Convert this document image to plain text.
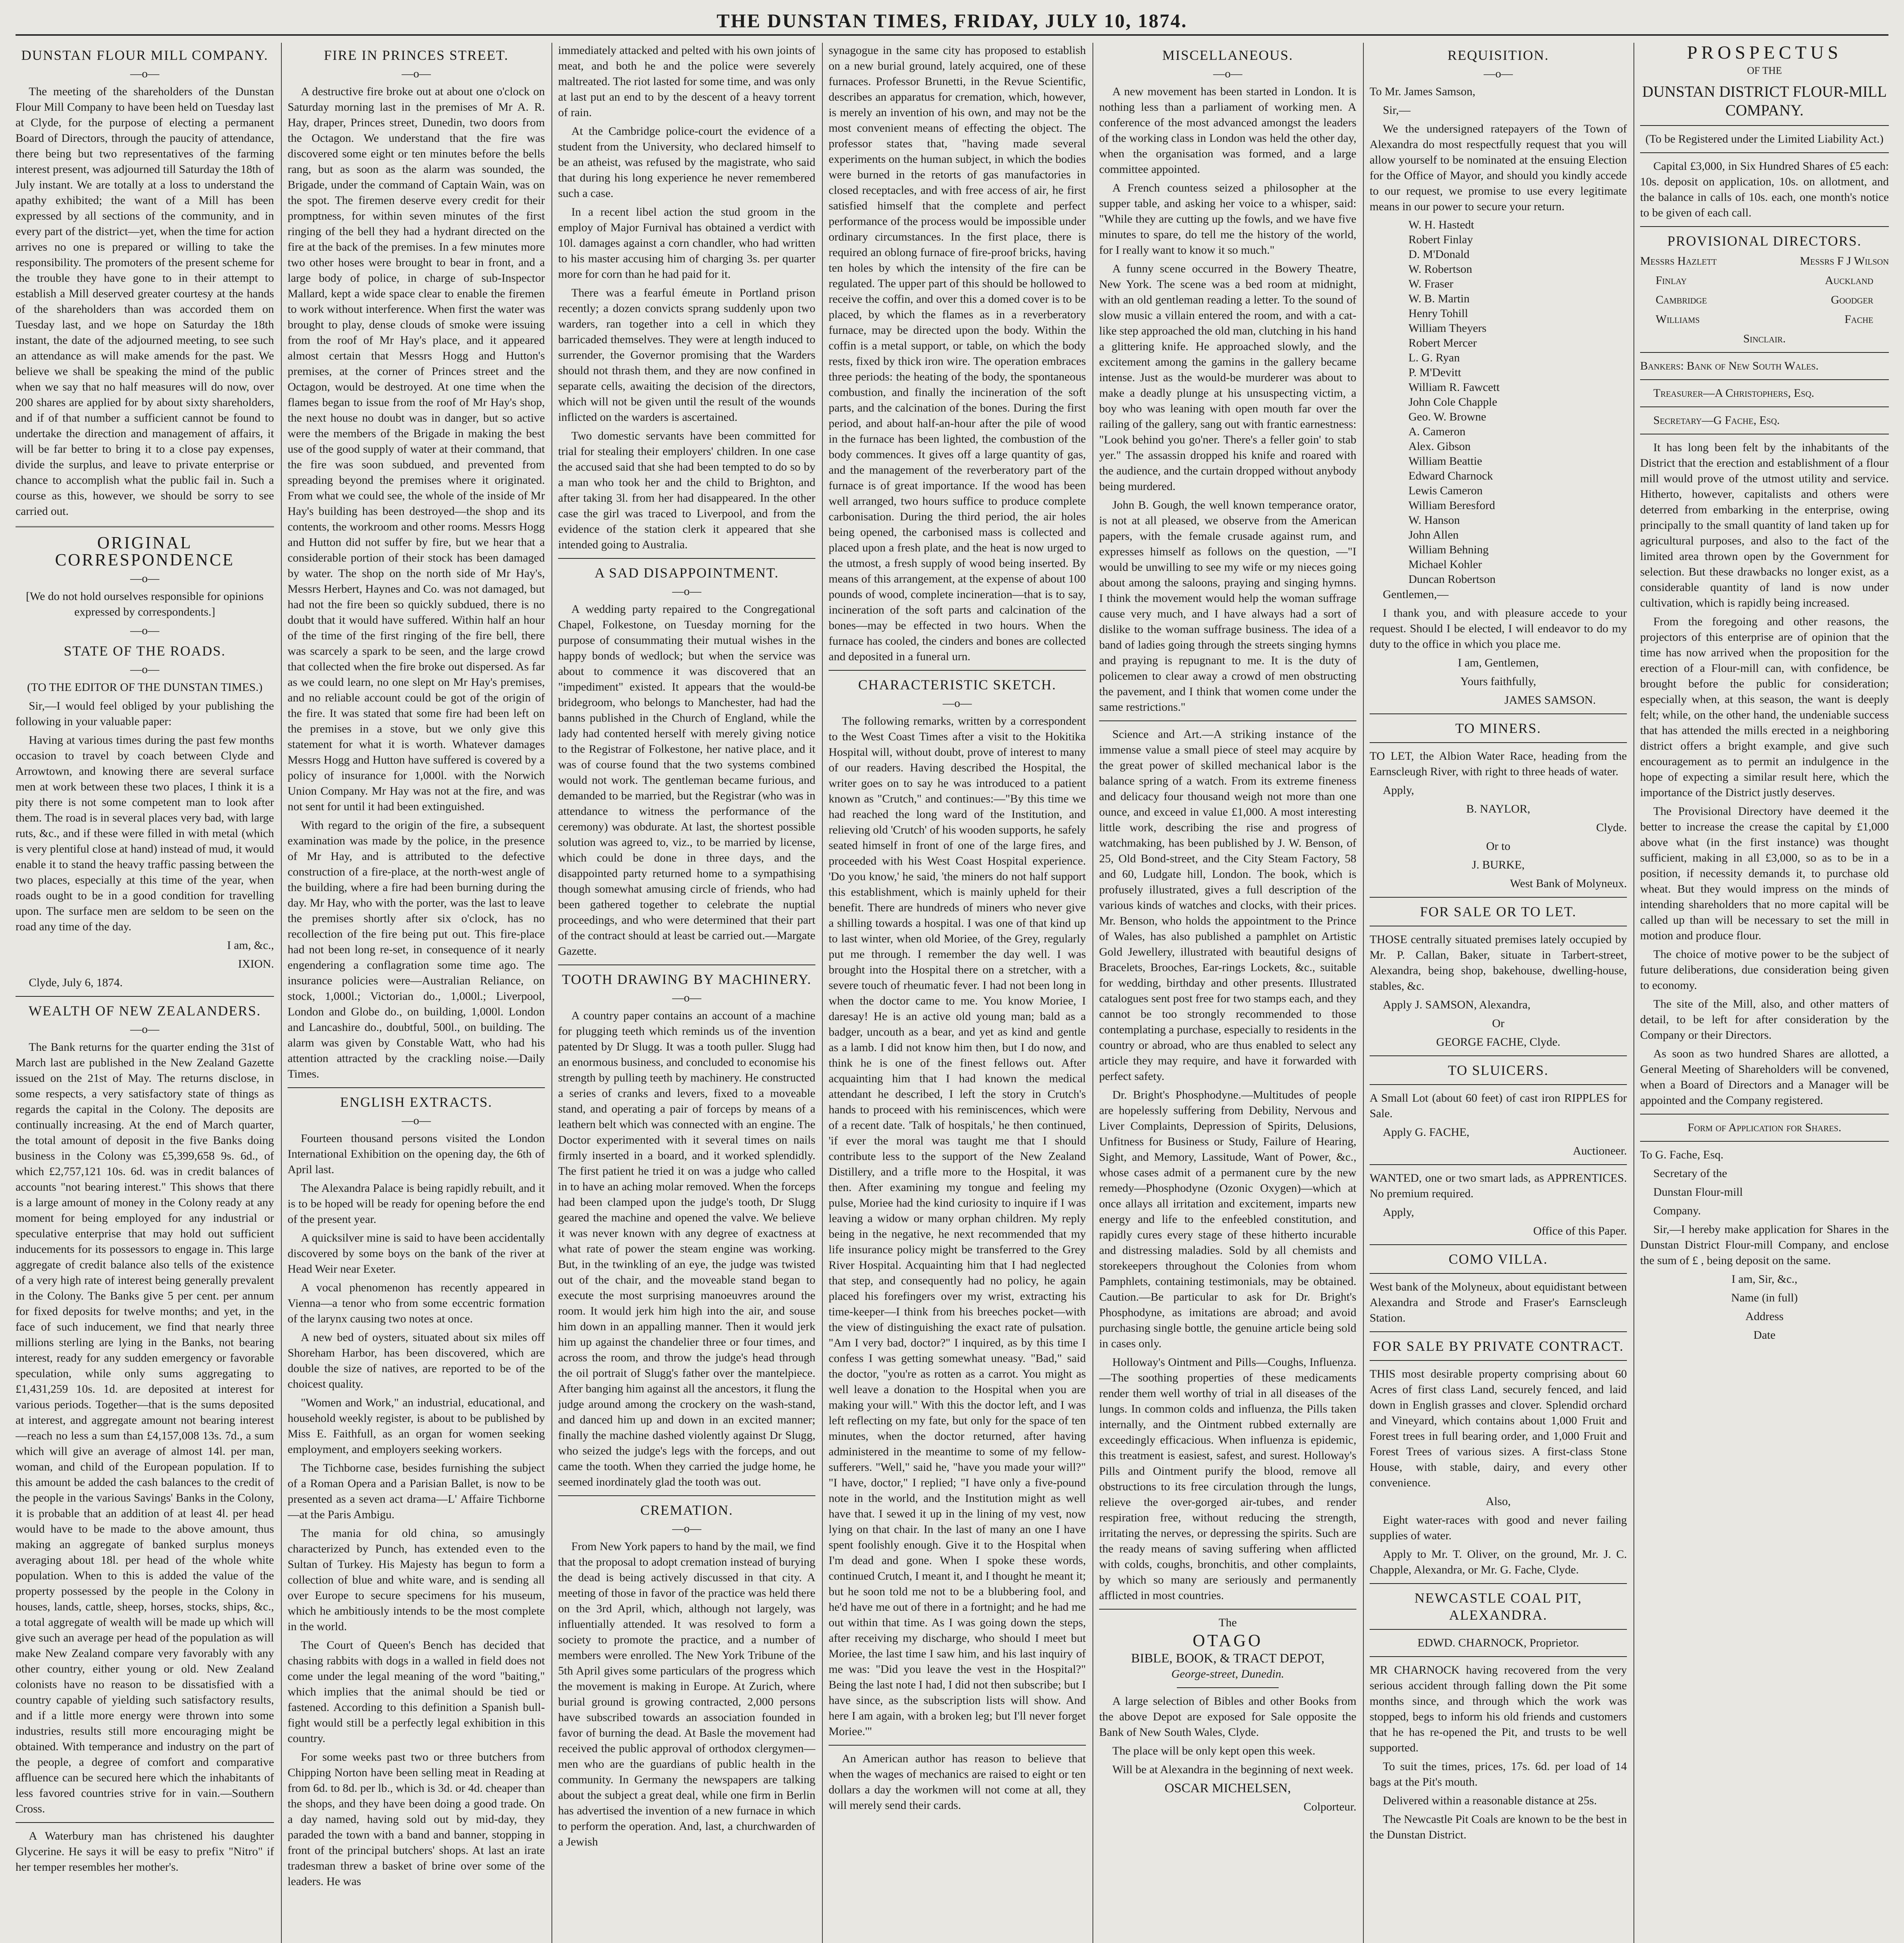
THE DUNSTAN TIMES, FRIDAY, JULY 10, 1874.
DUNSTAN FLOUR MILL COMPANY.
—o—

The meeting of the shareholders of the Dunstan Flour Mill Company to have been held on Tuesday last at Clyde, for the purpose of electing a permanent Board of Directors, through the paucity of attendance, there being but two representatives of the farming interest present, was adjourned till Saturday the 18th of July instant. We are totally at a loss to understand the apathy exhibited; the want of a Mill has been expressed by all sections of the community, and in every part of the district—yet, when the time for action arrives no one is prepared or willing to take the responsibility. The promoters of the present scheme for the trouble they have gone to in their attempt to establish a Mill deserved greater courtesy at the hands of the shareholders than was accorded them on Tuesday last, and we hope on Saturday the 18th instant, the date of the adjourned meeting, to see such an attendance as will make amends for the past. We believe we shall be speaking the mind of the public when we say that no half measures will do now, over 200 shares are applied for by about sixty shareholders, and if of that number a sufficient cannot be found to undertake the direction and management of affairs, it will be far better to bring it to a close pay expenses, divide the surplus, and leave to private enterprise or chance to accomplish what the public fail in. Such a course as this, however, we should be sorry to see carried out.

ORIGINAL CORRESPONDENCE
—o—

[We do not hold ourselves responsible for opinions expressed by correspondents.]

—o—
STATE OF THE ROADS.
—o—

(TO THE EDITOR OF THE DUNSTAN TIMES.)

Sir,—I would feel obliged by your publishing the following in your valuable paper:

Having at various times during the past few months occasion to travel by coach between Clyde and Arrowtown, and knowing there are several surface men at work between these two places, I think it is a pity there is not some competent man to look after them. The road is in several places very bad, with large ruts, &c., and if these were filled in with metal (which is very plentiful close at hand) instead of mud, it would enable it to stand the heavy traffic passing between the two places, especially at this time of the year, when roads ought to be in a good condition for travelling upon. The surface men are seldom to be seen on the road any time of the day.

I am, &c.,

IXION.

Clyde, July 6, 1874.

WEALTH OF NEW ZEALANDERS.
—o—

The Bank returns for the quarter ending the 31st of March last are published in the New Zealand Gazette issued on the 21st of May. The returns disclose, in some respects, a very satisfactory state of things as regards the capital in the Colony. The deposits are continually increasing. At the end of March quarter, the total amount of deposit in the five Banks doing business in the Colony was £5,399,658 9s. 6d., of which £2,757,121 10s. 6d. was in credit balances of accounts "not bearing interest." This shows that there is a large amount of money in the Colony ready at any moment for being employed for any industrial or speculative enterprise that may hold out sufficient inducements for its possessors to engage in. This large aggregate of credit balance also tells of the existence of a very high rate of interest being generally prevalent in the Colony. The Banks give 5 per cent. per annum for fixed deposits for twelve months; and yet, in the face of such inducement, we find that nearly three millions sterling are lying in the Banks, not bearing interest, ready for any sudden emergency or favorable speculation, while only sums aggregating to £1,431,259 10s. 1d. are deposited at interest for various periods. Together—that is the sums deposited at interest, and aggregate amount not bearing interest—reach no less a sum than £4,157,008 13s. 7d., a sum which will give an average of almost 14l. per man, woman, and child of the European population. If to this amount be added the cash balances to the credit of the people in the various Savings' Banks in the Colony, it is probable that an addition of at least 4l. per head would have to be made to the above amount, thus making an aggregate of banked surplus moneys averaging about 18l. per head of the whole white population. When to this is added the value of the property possessed by the people in the Colony in houses, lands, cattle, sheep, horses, stocks, ships, &c., a total aggregate of wealth will be made up which will give such an average per head of the population as will make New Zealand compare very favorably with any other country, either young or old. New Zealand colonists have no reason to be dissatisfied with a country capable of yielding such satisfactory results, and if a little more energy were thrown into some industries, results still more encouraging might be obtained. With temperance and industry on the part of the people, a degree of comfort and comparative affluence can be secured here which the inhabitants of less favored countries strive for in vain.—Southern Cross.

A Waterbury man has christened his daughter Glycerine. He says it will be easy to prefix "Nitro" if her temper resembles her mother's.

FIRE IN PRINCES STREET.
—o—

A destructive fire broke out at about one o'clock on Saturday morning last in the premises of Mr A. R. Hay, draper, Princes street, Dunedin, two doors from the Octagon. We understand that the fire was discovered some eight or ten minutes before the bells rang, but as soon as the alarm was sounded, the Brigade, under the command of Captain Wain, was on the spot. The firemen deserve every credit for their promptness, for within seven minutes of the first ringing of the bell they had a hydrant directed on the fire at the back of the premises. In a few minutes more two other hoses were brought to bear in front, and a large body of police, in charge of sub-Inspector Mallard, kept a wide space clear to enable the firemen to work without interference. When first the water was brought to play, dense clouds of smoke were issuing from the roof of Mr Hay's place, and it appeared almost certain that Messrs Hogg and Hutton's premises, at the corner of Princes street and the Octagon, would be destroyed. At one time when the flames began to issue from the roof of Mr Hay's shop, the next house no doubt was in danger, but so active were the members of the Brigade in making the best use of the good supply of water at their command, that the fire was soon subdued, and prevented from spreading beyond the premises where it originated. From what we could see, the whole of the inside of Mr Hay's building has been destroyed—the shop and its contents, the workroom and other rooms. Messrs Hogg and Hutton did not suffer by fire, but we hear that a considerable portion of their stock has been damaged by water. The shop on the north side of Mr Hay's, Messrs Herbert, Haynes and Co. was not damaged, but had not the fire been so quickly subdued, there is no doubt that it would have suffered. Within half an hour of the time of the first ringing of the fire bell, there was scarcely a spark to be seen, and the large crowd that collected when the fire broke out dispersed. As far as we could learn, no one slept on Mr Hay's premises, and no reliable account could be got of the origin of the fire. It was stated that some fire had been left on the premises in a stove, but we only give this statement for what it is worth. Whatever damages Messrs Hogg and Hutton have suffered is covered by a policy of insurance for 1,000l. with the Norwich Union Company. Mr Hay was not at the fire, and was not sent for until it had been extinguished.

With regard to the origin of the fire, a subsequent examination was made by the police, in the presence of Mr Hay, and is attributed to the defective construction of a fire-place, at the north-west angle of the building, where a fire had been burning during the day. Mr Hay, who with the porter, was the last to leave the premises shortly after six o'clock, has no recollection of the fire being put out. This fire-place had not been long re-set, in consequence of it nearly engendering a conflagration some time ago. The insurance policies were—Australian Reliance, on stock, 1,000l.; Victorian do., 1,000l.; Liverpool, London and Globe do., on building, 1,000l. London and Lancashire do., doubtful, 500l., on building. The alarm was given by Constable Watt, who had his attention attracted by the crackling noise.—Daily Times.

ENGLISH EXTRACTS.
—o—

Fourteen thousand persons visited the London International Exhibition on the opening day, the 6th of April last.

The Alexandra Palace is being rapidly rebuilt, and it is to be hoped will be ready for opening before the end of the present year.

A quicksilver mine is said to have been accidentally discovered by some boys on the bank of the river at Head Weir near Exeter.

A vocal phenomenon has recently appeared in Vienna—a tenor who from some eccentric formation of the larynx causing two notes at once.

A new bed of oysters, situated about six miles off Shoreham Harbor, has been discovered, which are double the size of natives, are reported to be of the choicest quality.

"Women and Work," an industrial, educational, and household weekly register, is about to be published by Miss E. Faithfull, as an organ for women seeking employment, and employers seeking workers.

The Tichborne case, besides furnishing the subject of a Roman Opera and a Parisian Ballet, is now to be presented as a seven act drama—L' Affaire Tichborne—at the Paris Ambigu.

The mania for old china, so amusingly characterized by Punch, has extended even to the Sultan of Turkey. His Majesty has begun to form a collection of blue and white ware, and is sending all over Europe to secure specimens for his museum, which he ambitiously intends to be the most complete in the world.

The Court of Queen's Bench has decided that chasing rabbits with dogs in a walled in field does not come under the legal meaning of the word "baiting," which implies that the animal should be tied or fastened. According to this definition a Spanish bull-fight would still be a perfectly legal exhibition in this country.

For some weeks past two or three butchers from Chipping Norton have been selling meat in Reading at from 6d. to 8d. per lb., which is 3d. or 4d. cheaper than the shops, and they have been doing a good trade. On a day named, having sold out by mid-day, they paraded the town with a band and banner, stopping in front of the principal butchers' shops. At last an irate tradesman threw a basket of brine over some of the leaders. He was

immediately attacked and pelted with his own joints of meat, and both he and the police were severely maltreated. The riot lasted for some time, and was only at last put an end to by the descent of a heavy torrent of rain.

At the Cambridge police-court the evidence of a student from the University, who declared himself to be an atheist, was refused by the magistrate, who said that during his long experience he never remembered such a case.

In a recent libel action the stud groom in the employ of Major Furnival has obtained a verdict with 10l. damages against a corn chandler, who had written to his master accusing him of charging 3s. per quarter more for corn than he had paid for it.

There was a fearful émeute in Portland prison recently; a dozen convicts sprang suddenly upon two warders, ran together into a cell in which they barricaded themselves. They were at length induced to surrender, the Governor promising that the Warders should not thrash them, and they are now confined in separate cells, awaiting the decision of the directors, which will not be given until the result of the wounds inflicted on the warders is ascertained.

Two domestic servants have been committed for trial for stealing their employers' children. In one case the accused said that she had been tempted to do so by a man who took her and the child to Brighton, and after taking 3l. from her had disappeared. In the other case the girl was traced to Liverpool, and from the evidence of the station clerk it appeared that she intended going to Australia.

A SAD DISAPPOINTMENT.
—o—

A wedding party repaired to the Congregational Chapel, Folkestone, on Tuesday morning for the purpose of consummating their mutual wishes in the happy bonds of wedlock; but when the service was about to commence it was discovered that an "impediment" existed. It appears that the would-be bridegroom, who belongs to Manchester, had had the banns published in the Church of England, while the lady had contented herself with merely giving notice to the Registrar of Folkestone, her native place, and it was of course found that the two systems combined would not work. The gentleman became furious, and demanded to be married, but the Registrar (who was in attendance to witness the performance of the ceremony) was obdurate. At last, the shortest possible solution was agreed to, viz., to be married by license, which could be done in three days, and the disappointed party returned home to a sympathising though somewhat amusing circle of friends, who had been gathered together to celebrate the nuptial proceedings, and who were determined that their part of the contract should at least be carried out.—Margate Gazette.

TOOTH DRAWING BY MACHINERY.
—o—

A country paper contains an account of a machine for plugging teeth which reminds us of the invention patented by Dr Slugg. It was a tooth puller. Slugg had an enormous business, and concluded to economise his strength by pulling teeth by machinery. He constructed a series of cranks and levers, fixed to a moveable stand, and operating a pair of forceps by means of a leathern belt which was connected with an engine. The Doctor experimented with it several times on nails firmly inserted in a board, and it worked splendidly. The first patient he tried it on was a judge who called in to have an aching molar removed. When the forceps had been clamped upon the judge's tooth, Dr Slugg geared the machine and opened the valve. We believe it was never known with any degree of exactness at what rate of power the steam engine was working. But, in the twinkling of an eye, the judge was twisted out of the chair, and the moveable stand began to execute the most surprising manoeuvres around the room. It would jerk him high into the air, and souse him down in an appalling manner. Then it would jerk him up against the chandelier three or four times, and across the room, and throw the judge's head through the oil portrait of Slugg's father over the mantelpiece. After banging him against all the ancestors, it flung the judge around among the crockery on the wash-stand, and danced him up and down in an excited manner; finally the machine dashed violently against Dr Slugg, who seized the judge's legs with the forceps, and out came the tooth. When they carried the judge home, he seemed inordinately glad the tooth was out.

CREMATION.
—o—

From New York papers to hand by the mail, we find that the proposal to adopt cremation instead of burying the dead is being actively discussed in that city. A meeting of those in favor of the practice was held there on the 3rd April, which, although not largely, was influentially attended. It was resolved to form a society to promote the practice, and a number of members were enrolled. The New York Tribune of the 5th April gives some particulars of the progress which the movement is making in Europe. At Zurich, where burial ground is growing contracted, 2,000 persons have subscribed towards an association founded in favor of burning the dead. At Basle the movement had received the public approval of orthodox clergymen—men who are the guardians of public health in the community. In Germany the newspapers are talking about the subject a great deal, while one firm in Berlin has advertised the invention of a new furnace in which to perform the operation. And, last, a churchwarden of a Jewish

synagogue in the same city has proposed to establish on a new burial ground, lately acquired, one of these furnaces. Professor Brunetti, in the Revue Scientific, describes an apparatus for cremation, which, however, is merely an invention of his own, and may not be the most convenient means of effecting the object. The professor states that, "having made several experiments on the human subject, in which the bodies were burned in the retorts of gas manufactories in closed receptacles, and with free access of air, he first satisfied himself that the complete and perfect performance of the process would be impossible under ordinary circumstances. In the first place, there is required an oblong furnace of fire-proof bricks, having ten holes by which the intensity of the fire can be regulated. The upper part of this should be hollowed to receive the coffin, and over this a domed cover is to be placed, by which the flames as in a reverberatory furnace, may be directed upon the body. Within the coffin is a metal support, or table, on which the body rests, fixed by thick iron wire. The operation embraces three periods: the heating of the body, the spontaneous combustion, and finally the incineration of the soft parts, and the calcination of the bones. During the first period, and about half-an-hour after the pile of wood in the furnace has been lighted, the combustion of the body commences. It gives off a large quantity of gas, and the management of the reverberatory part of the furnace is of great importance. If the wood has been well arranged, two hours suffice to produce complete carbonisation. During the third period, the air holes being opened, the carbonised mass is collected and placed upon a fresh plate, and the heat is now urged to the utmost, a fresh supply of wood being inserted. By means of this arrangement, at the expense of about 100 pounds of wood, complete incineration—that is to say, incineration of the soft parts and calcination of the bones—may be effected in two hours. When the furnace has cooled, the cinders and bones are collected and deposited in a funeral urn.

CHARACTERISTIC SKETCH.
—o—

The following remarks, written by a correspondent to the West Coast Times after a visit to the Hokitika Hospital will, without doubt, prove of interest to many of our readers. Having described the Hospital, the writer goes on to say he was introduced to a patient known as "Crutch," and continues:—"By this time we had reached the long ward of the Institution, and relieving old 'Crutch' of his wooden supports, he safely seated himself in front of one of the large fires, and proceeded with his West Coast Hospital experience. 'Do you know,' he said, 'the miners do not half support this establishment, which is mainly upheld for their benefit. There are hundreds of miners who never give a shilling towards a hospital. I was one of that kind up to last winter, when old Moriee, of the Grey, regularly put me through. I remember the day well. I was brought into the Hospital there on a stretcher, with a severe touch of rheumatic fever. I had not been long in when the doctor came to me. You know Moriee, I daresay! He is an active old young man; bald as a badger, uncouth as a bear, and yet as kind and gentle as a lamb. I did not know him then, but I do now, and think he is one of the finest fellows out. After acquainting him that I had known the medical attendant he described, I left the story in Crutch's hands to proceed with his reminiscences, which were of a recent date. 'Talk of hospitals,' he then continued, 'if ever the moral was taught me that I should contribute less to the support of the New Zealand Distillery, and a trifle more to the Hospital, it was then. After examining my tongue and feeling my pulse, Moriee had the kind curiosity to inquire if I was leaving a widow or many orphan children. My reply being in the negative, he next recommended that my life insurance policy might be transferred to the Grey River Hospital. Acquainting him that I had neglected that step, and consequently had no policy, he again placed his forefingers over my wrist, extracting his time-keeper—I think from his breeches pocket—with the view of distinguishing the exact rate of pulsation. "Am I very bad, doctor?" I inquired, as by this time I confess I was getting somewhat uneasy. "Bad," said the doctor, "you're as rotten as a carrot. You might as well leave a donation to the Hospital when you are making your will." With this the doctor left, and I was left reflecting on my fate, but only for the space of ten minutes, when the doctor returned, after having administered in the meantime to some of my fellow-sufferers. "Well," said he, "have you made your will?" "I have, doctor," I replied; "I have only a five-pound note in the world, and the Institution might as well have that. I sewed it up in the lining of my vest, now lying on that chair. In the last of many an one I have spent foolishly enough. Give it to the Hospital when I'm dead and gone. When I spoke these words, continued Crutch, I meant it, and I thought he meant it; but he soon told me not to be a blubbering fool, and he'd have me out of there in a fortnight; and he had me out within that time. As I was going down the steps, after receiving my discharge, who should I meet but Moriee, the last time I saw him, and his last inquiry of me was: "Did you leave the vest in the Hospital?" Being the last note I had, I did not then subscribe; but I have since, as the subscription lists will show. And here I am again, with a broken leg; but I'll never forget Moriee.'"

An American author has reason to believe that when the wages of mechanics are raised to eight or ten dollars a day the workmen will not come at all, they will merely send their cards.

MISCELLANEOUS.
—o—

A new movement has been started in London. It is nothing less than a parliament of working men. A conference of the most advanced amongst the leaders of the working class in London was held the other day, when the organisation was formed, and a large committee appointed.

A French countess seized a philosopher at the supper table, and asking her voice to a whisper, said: "While they are cutting up the fowls, and we have five minutes to spare, do tell me the history of the world, for I really want to know it so much."

A funny scene occurred in the Bowery Theatre, New York. The scene was a bed room at midnight, with an old gentleman reading a letter. To the sound of slow music a villain entered the room, and with a cat-like step approached the old man, clutching in his hand a glittering knife. He approached slowly, and the excitement among the gamins in the gallery became intense. Just as the would-be murderer was about to make a deadly plunge at his unsuspecting victim, a boy who was leaning with open mouth far over the railing of the gallery, sang out with frantic earnestness: "Look behind you go'ner. There's a feller goin' to stab yer." The assassin dropped his knife and roared with the audience, and the curtain dropped without anybody being murdered.

John B. Gough, the well known temperance orator, is not at all pleased, we observe from the American papers, with the female crusade against rum, and expresses himself as follows on the question, —"I would be unwilling to see my wife or my nieces going about among the saloons, praying and singing hymns. I think the movement would help the woman suffrage cause very much, and I have always had a sort of dislike to the woman suffrage business. The idea of a band of ladies going through the streets singing hymns and praying is repugnant to me. It is the duty of policemen to clear away a crowd of men obstructing the pavement, and I think that women come under the same restrictions."

Science and Art.—A striking instance of the immense value a small piece of steel may acquire by the great power of skilled mechanical labor is the balance spring of a watch. From its extreme fineness and delicacy four thousand weigh not more than one ounce, and exceed in value £1,000. A most interesting little work, describing the rise and progress of watchmaking, has been published by J. W. Benson, of 25, Old Bond-street, and the City Steam Factory, 58 and 60, Ludgate hill, London. The book, which is profusely illustrated, gives a full description of the various kinds of watches and clocks, with their prices. Mr. Benson, who holds the appointment to the Prince of Wales, has also published a pamphlet on Artistic Gold Jewellery, illustrated with beautiful designs of Bracelets, Brooches, Ear-rings Lockets, &c., suitable for wedding, birthday and other presents. Illustrated catalogues sent post free for two stamps each, and they cannot be too strongly recommended to those contemplating a purchase, especially to residents in the country or abroad, who are thus enabled to select any article they may require, and have it forwarded with perfect safety.

Dr. Bright's Phosphodyne.—Multitudes of people are hopelessly suffering from Debility, Nervous and Liver Complaints, Depression of Spirits, Delusions, Unfitness for Business or Study, Failure of Hearing, Sight, and Memory, Lassitude, Want of Power, &c., whose cases admit of a permanent cure by the new remedy—Phosphodyne (Ozonic Oxygen)—which at once allays all irritation and excitement, imparts new energy and life to the enfeebled constitution, and rapidly cures every stage of these hitherto incurable and distressing maladies. Sold by all chemists and storekeepers throughout the Colonies from whom Pamphlets, containing testimonials, may be obtained. Caution.—Be particular to ask for Dr. Bright's Phosphodyne, as imitations are abroad; and avoid purchasing single bottle, the genuine article being sold in cases only.

Holloway's Ointment and Pills—Coughs, Influenza.—The soothing properties of these medicaments render them well worthy of trial in all diseases of the lungs. In common colds and influenza, the Pills taken internally, and the Ointment rubbed externally are exceedingly efficacious. When influenza is epidemic, this treatment is easiest, safest, and surest. Holloway's Pills and Ointment purify the blood, remove all obstructions to its free circulation through the lungs, relieve the over-gorged air-tubes, and render respiration free, without reducing the strength, irritating the nerves, or depressing the spirits. Such are the ready means of saving suffering when afflicted with colds, coughs, bronchitis, and other complaints, by which so many are seriously and permanently afflicted in most countries.

The
OTAGO
BIBLE, BOOK, & TRACT DEPOT,
George-street, Dunedin.

A large selection of Bibles and other Books from the above Depot are exposed for Sale opposite the Bank of New South Wales, Clyde.

The place will be only kept open this week.

Will be at Alexandra in the beginning of next week.

OSCAR MICHELSEN,

Colporteur.

REQUISITION.
—o—

To Mr. James Samson,

Sir,—

We the undersigned ratepayers of the Town of Alexandra do most respectfully request that you will allow yourself to be nominated at the ensuing Election for the Office of Mayor, and should you kindly accede to our request, we promise to use every legitimate means in our power to secure your return.

W. H. Hastedt
Robert Finlay
D. M'Donald
W. Robertson
W. Fraser
W. B. Martin
Henry Tohill
William Theyers
Robert Mercer
L. G. Ryan
P. M'Devitt
William R. Fawcett
John Cole Chapple
Geo. W. Browne
A. Cameron
Alex. Gibson
William Beattie
Edward Charnock
Lewis Cameron
William Beresford
W. Hanson
John Allen
William Behning
Michael Kohler
Duncan Robertson

Gentlemen,—

I thank you, and with pleasure accede to your request. Should I be elected, I will endeavor to do my duty to the office in which you place me.

I am, Gentlemen,

Yours faithfully,

JAMES SAMSON.

TO MINERS.

TO LET, the Albion Water Race, heading from the Earnscleugh River, with right to three heads of water.

Apply,

B. NAYLOR,

Clyde.

Or to

J. BURKE,

West Bank of Molyneux.

FOR SALE OR TO LET.

THOSE centrally situated premises lately occupied by Mr. P. Callan, Baker, situate in Tarbert-street, Alexandra, being shop, bakehouse, dwelling-house, stables, &c.

Apply J. SAMSON, Alexandra,

Or

GEORGE FACHE, Clyde.

TO SLUICERS.

A Small Lot (about 60 feet) of cast iron RIPPLES for Sale.

Apply G. FACHE,

Auctioneer.

WANTED, one or two smart lads, as APPRENTICES. No premium required.

Apply,

Office of this Paper.

COMO VILLA.

West bank of the Molyneux, about equidistant between Alexandra and Strode and Fraser's Earnscleugh Station.

FOR SALE BY PRIVATE CONTRACT.

THIS most desirable property comprising about 60 Acres of first class Land, securely fenced, and laid down in English grasses and clover. Splendid orchard and Vineyard, which contains about 1,000 Fruit and Forest trees in full bearing order, and 1,000 Fruit and Forest Trees of various sizes. A first-class Stone House, with stable, dairy, and every other convenience.

Also,

Eight water-races with good and never failing supplies of water.

Apply to Mr. T. Oliver, on the ground, Mr. J. C. Chapple, Alexandra, or Mr. G. Fache, Clyde.

NEWCASTLE COAL PIT, ALEXANDRA.

EDWD. CHARNOCK, Proprietor.

MR CHARNOCK having recovered from the very serious accident through falling down the Pit some months since, and through which the work was stopped, begs to inform his old friends and customers that he has re-opened the Pit, and trusts to be well supported.

To suit the times, prices, 17s. 6d. per load of 14 bags at the Pit's mouth.

Delivered within a reasonable distance at 25s.

The Newcastle Pit Coals are known to be the best in the Dunstan District.

PROSPECTUS
OF THE
DUNSTAN DISTRICT FLOUR-MILL COMPANY.

(To be Registered under the Limited Liability Act.)

Capital £3,000, in Six Hundred Shares of £5 each: 10s. deposit on application, 10s. on allotment, and the balance in calls of 10s. each, one month's notice to be given of each call.

PROVISIONAL DIRECTORS.
Messrs Hazlett	Messrs F J Wilson
Finlay	Auckland
Cambridge	Goodger
Williams	Fache

Sinclair.

Bankers: Bank of New South Wales.

Treasurer—A Christophers, Esq.

Secretary—G Fache, Esq.

It has long been felt by the inhabitants of the District that the erection and establishment of a flour mill would prove of the utmost utility and service. Hitherto, however, capitalists and others were deterred from embarking in the enterprise, owing principally to the small quantity of land taken up for agricultural purposes, and also to the fact of the limited area thrown open by the Government for selection. But these drawbacks no longer exist, as a considerable quantity of land is now under cultivation, which is rapidly being increased.

From the foregoing and other reasons, the projectors of this enterprise are of opinion that the time has now arrived when the proposition for the erection of a Flour-mill can, with confidence, be brought before the public for consideration; especially when, at this season, the want is deeply felt; while, on the other hand, the undeniable success that has attended the mills erected in a neighboring district offers a bright example, and give such encouragement as to permit an indulgence in the hope of expecting a similar result here, which the importance of the District justly deserves.

The Provisional Directory have deemed it the better to increase the crease the capital by £1,000 above what (in the first instance) was thought sufficient, making in all £3,000, so as to be in a position, if necessity demands it, to purchase old wheat. But they would impress on the minds of intending shareholders that no more capital will be called up than will be necessary to set the mill in motion and produce flour.

The choice of motive power to be the subject of future deliberations, due consideration being given to economy.

The site of the Mill, also, and other matters of detail, to be left for after consideration by the Company or their Directors.

As soon as two hundred Shares are allotted, a General Meeting of Shareholders will be convened, when a Board of Directors and a Manager will be appointed and the Company registered.

Form of Application for Shares.

To G. Fache, Esq.

Secretary of the

Dunstan Flour-mill

Company.

Sir,—I hereby make application for Shares in the Dunstan District Flour-mill Company, and enclose the sum of £ , being deposit on the same.

I am, Sir, &c.,

Name (in full)

Address

Date
